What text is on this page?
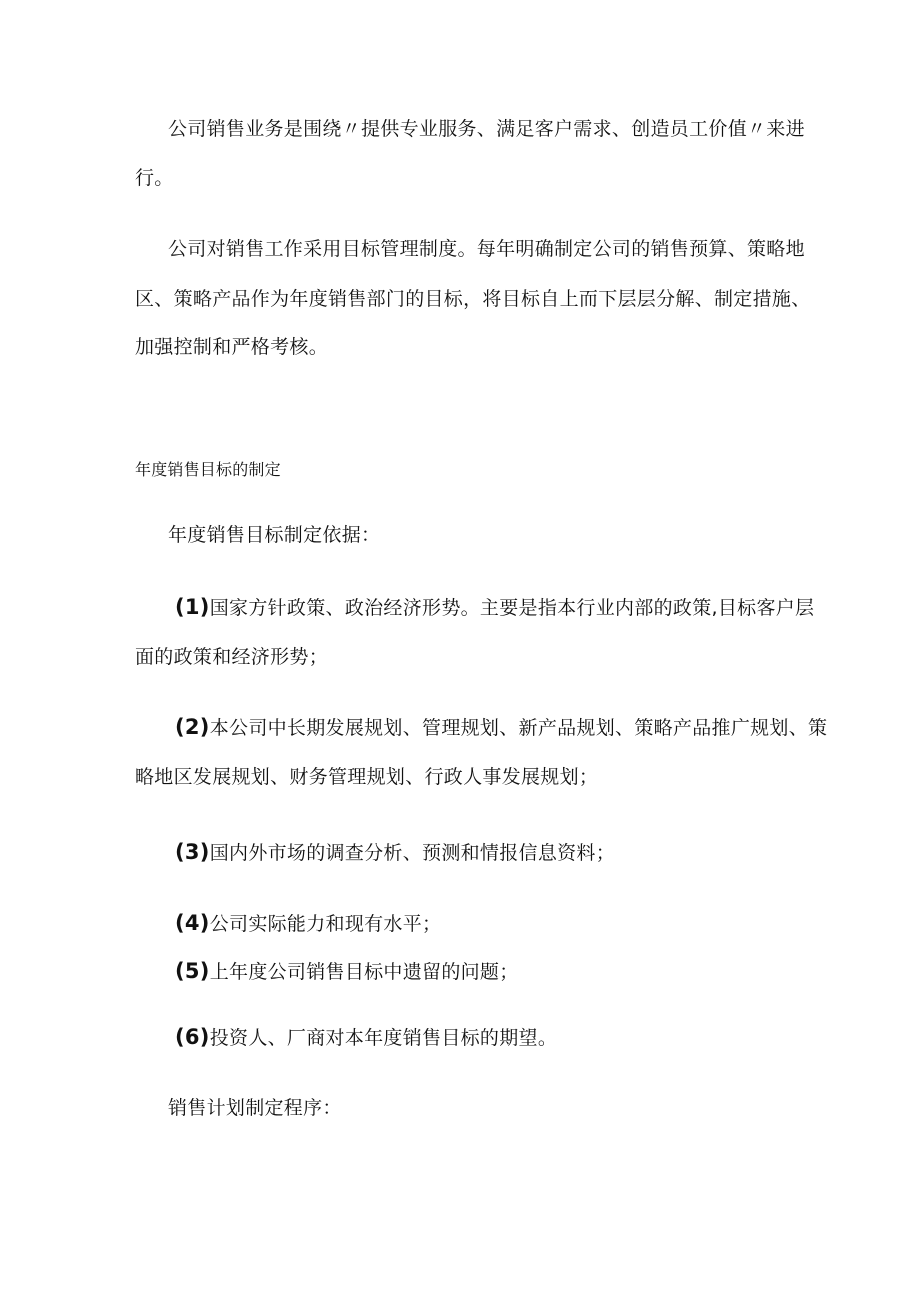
公司销售业务是围绕〃提供专业服务、满足客户需求、创造员工价值〃来进
行。
公司对销售工作采用目标管理制度。每年明确制定公司的销售预算、策略地
区、策略产品作为年度销售部门的目标，将目标自上而下层层分解、制定措施、
加强控制和严格考核。
年度销售目标的制定
年度销售目标制定依据：
(1)国家方针政策、政治经济形势。主要是指本行业内部的政策,目标客户层
面的政策和经济形势；
(2)本公司中长期发展规划、管理规划、新产品规划、策略产品推广规划、策
略地区发展规划、财务管理规划、行政人事发展规划；
(3)国内外市场的调查分析、预测和情报信息资料；
(4)公司实际能力和现有水平；
(5)上年度公司销售目标中遗留的问题；
(6)投资人、厂商对本年度销售目标的期望。
销售计划制定程序：
